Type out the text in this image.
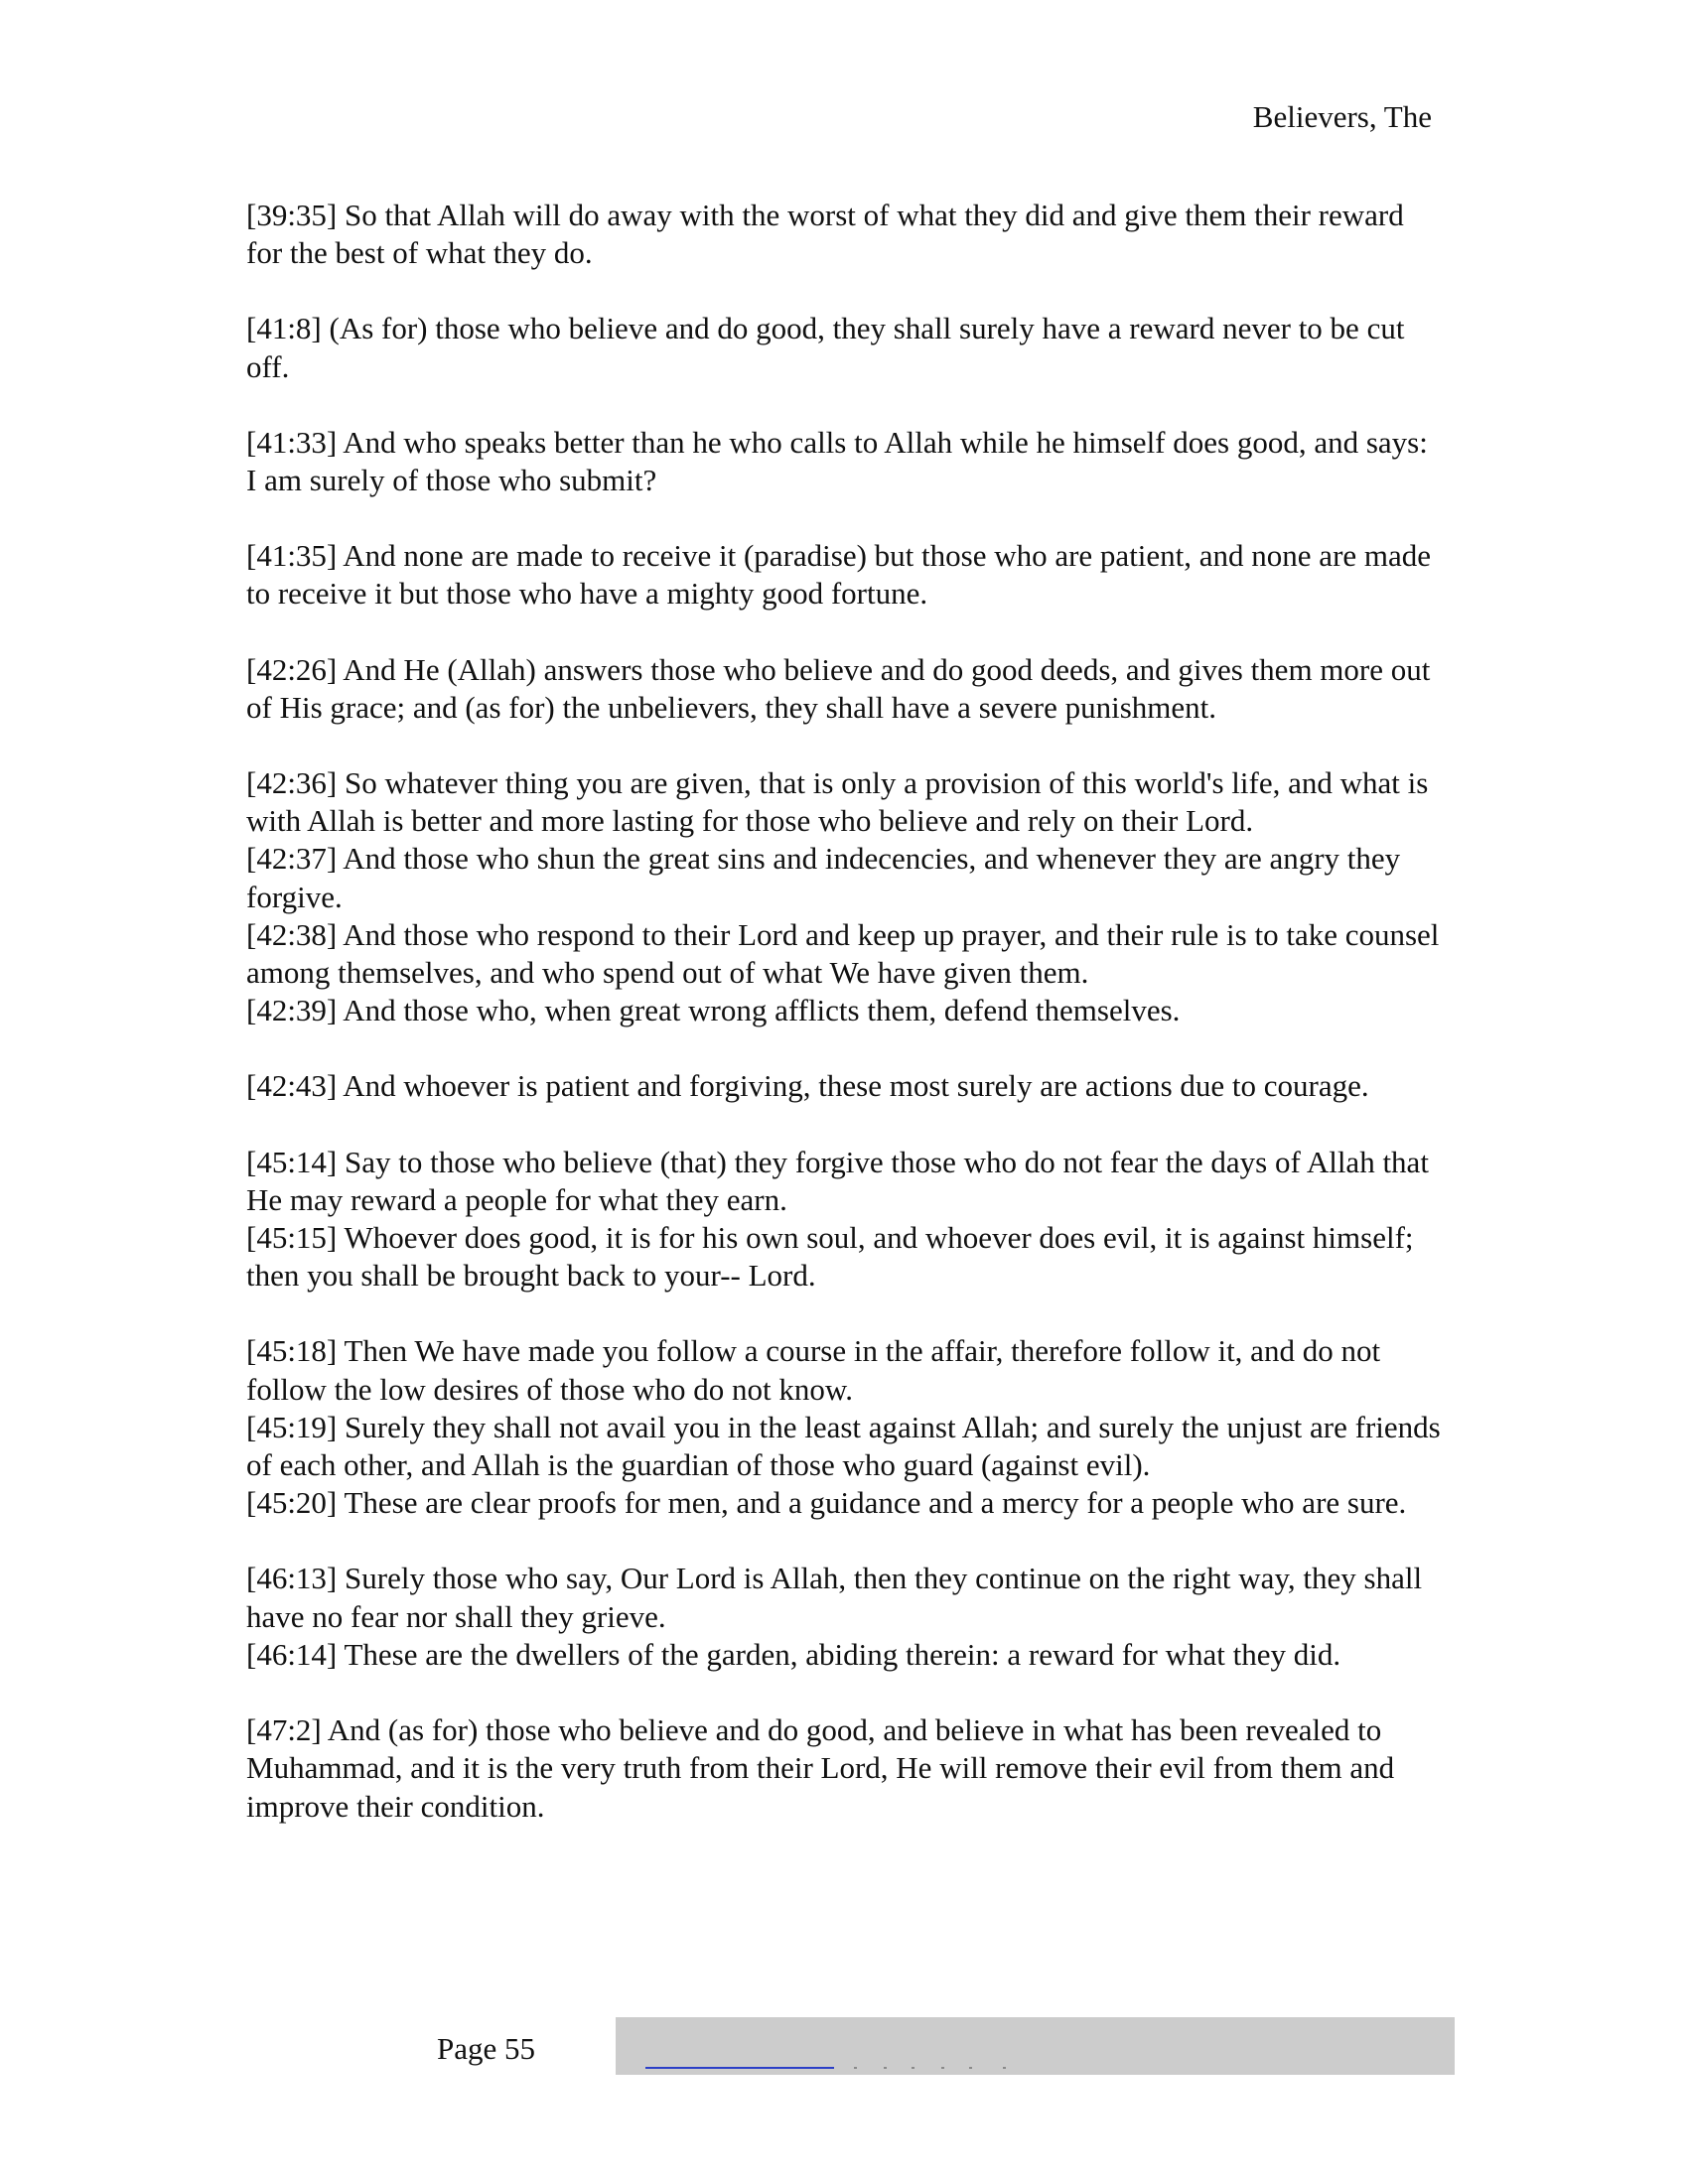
Believers, The

[39:35] So that Allah will do away with the worst of what they did and give them their reward for the best of what they do.

[41:8] (As for) those who believe and do good, they shall surely have a reward never to be cut off.

[41:33] And who speaks better than he who calls to Allah while he himself does good, and says: I am surely of those who submit?

[41:35] And none are made to receive it (paradise) but those who are patient, and none are made to receive it but those who have a mighty good fortune.

[42:26] And He (Allah) answers those who believe and do good deeds, and gives them more out of His grace; and (as for) the unbelievers, they shall have a severe punishment.

[42:36] So whatever thing you are given, that is only a provision of this world's life, and what is with Allah is better and more lasting for those who believe and rely on their Lord.

[42:37] And those who shun the great sins and indecencies, and whenever they are angry they forgive.

[42:38] And those who respond to their Lord and keep up prayer, and their rule is to take counsel among themselves, and who spend out of what We have given them.

[42:39] And those who, when great wrong afflicts them, defend themselves.

[42:43] And whoever is patient and forgiving, these most surely are actions due to courage.

[45:14] Say to those who believe (that) they forgive those who do not fear the days of Allah that He may reward a people for what they earn.

[45:15] Whoever does good, it is for his own soul, and whoever does evil, it is against himself; then you shall be brought back to your-- Lord.

[45:18] Then We have made you follow a course in the affair, therefore follow it, and do not follow the low desires of those who do not know.

[45:19] Surely they shall not avail you in the least against Allah; and surely the unjust are friends of each other, and Allah is the guardian of those who guard (against evil).

[45:20] These are clear proofs for men, and a guidance and a mercy for a people who are sure.

[46:13] Surely those who say, Our Lord is Allah, then they continue on the right way, they shall have no fear nor shall they grieve.

[46:14] These are the dwellers of the garden, abiding therein: a reward for what they did.

[47:2] And (as for) those who believe and do good, and believe in what has been revealed to Muhammad, and it is the very truth from their Lord, He will remove their evil from them and improve their condition.

Page 55
